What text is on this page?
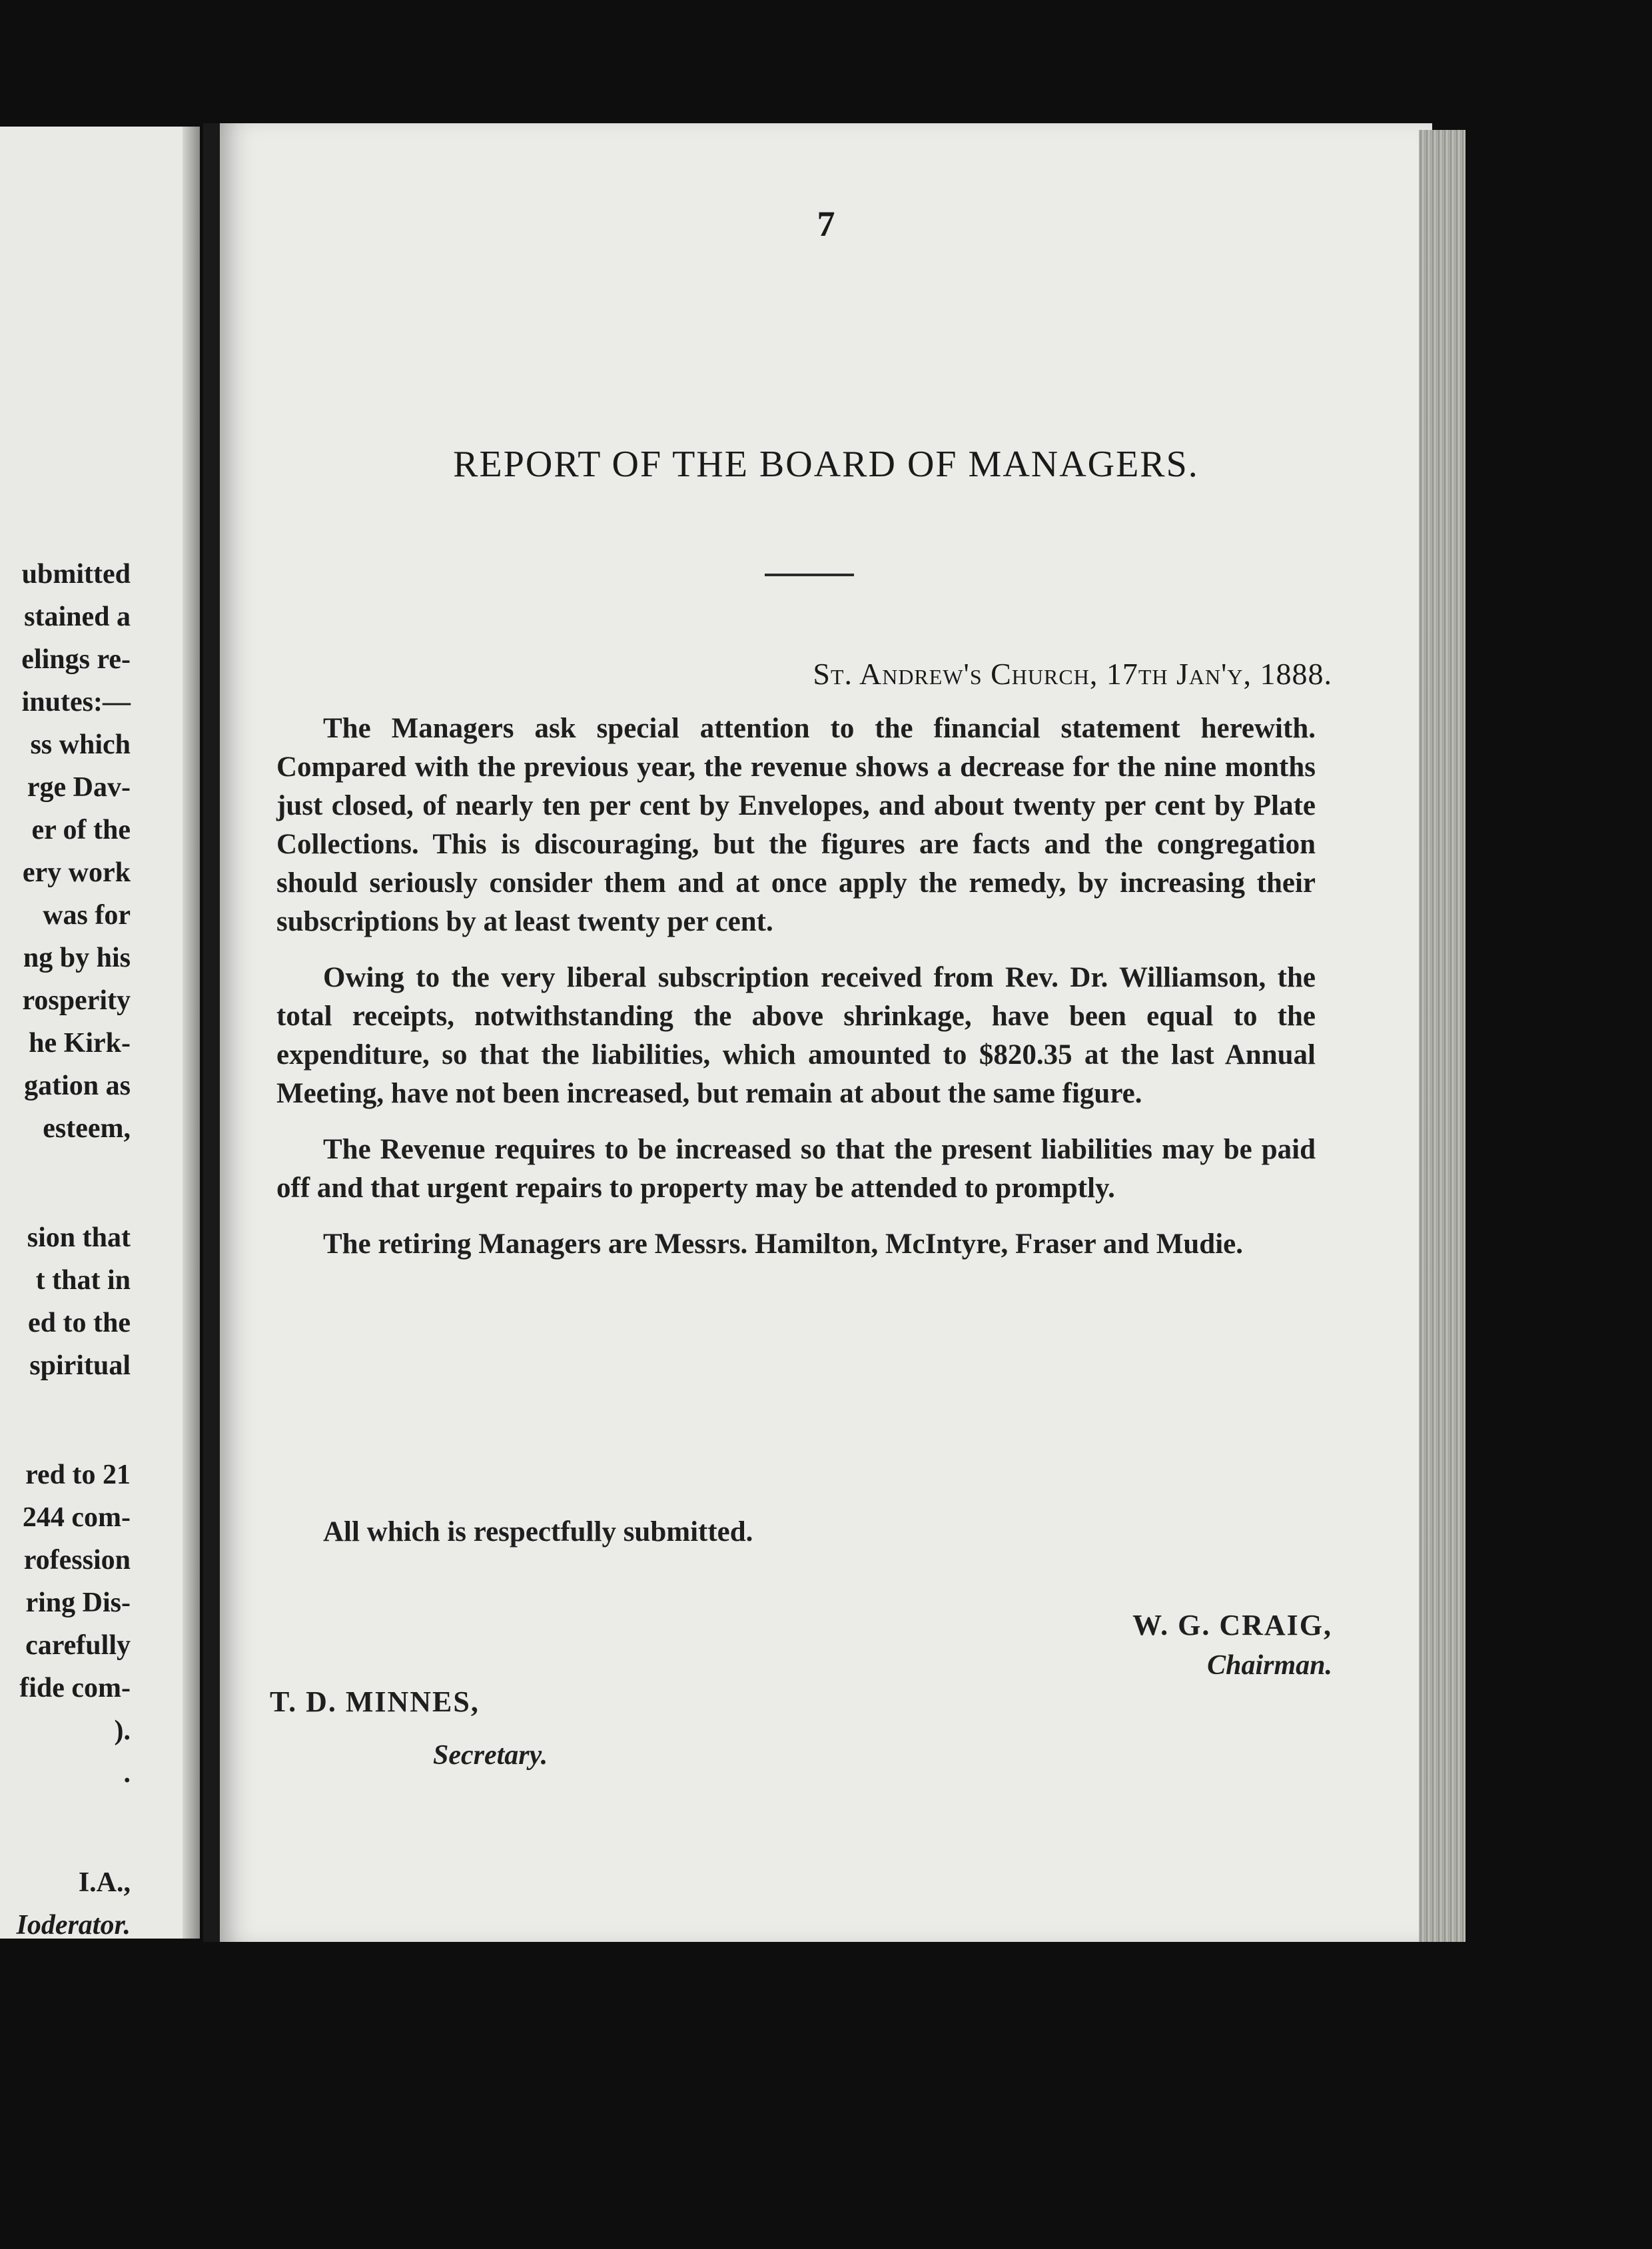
ubmitted
stained a
elings re-
inutes:—
ss which
rge Dav-
er of the
ery work
was for
ng by his
rosperity
he Kirk-
gation as
esteem,
sion that
t that in
ed to the
spiritual
red to 21
244 com-
rofession
ring Dis-
carefully
fide com-
).
.
I.A.,
Ioderator.
7
REPORT OF THE BOARD OF MANAGERS.
St. Andrew's Church, 17th Jan'y, 1888.

The Managers ask special attention to the financial statement herewith. Compared with the previous year, the revenue shows a decrease for the nine months just closed, of nearly ten per cent by Envelopes, and about twenty per cent by Plate Collections. This is discouraging, but the figures are facts and the congregation should seriously consider them and at once apply the remedy, by increasing their subscriptions by at least twenty per cent.

Owing to the very liberal subscription received from Rev. Dr. Williamson, the total receipts, notwithstanding the above shrinkage, have been equal to the expenditure, so that the liabilities, which amounted to $820.35 at the last Annual Meeting, have not been increased, but remain at about the same figure.

The Revenue requires to be increased so that the present liabilities may be paid off and that urgent repairs to property may be attended to promptly.

The retiring Managers are Messrs. Hamilton, McIntyre, Fraser and Mudie.

All which is respectfully submitted.
W. G. CRAIG,
Chairman.
T. D. MINNES,
Secretary.
